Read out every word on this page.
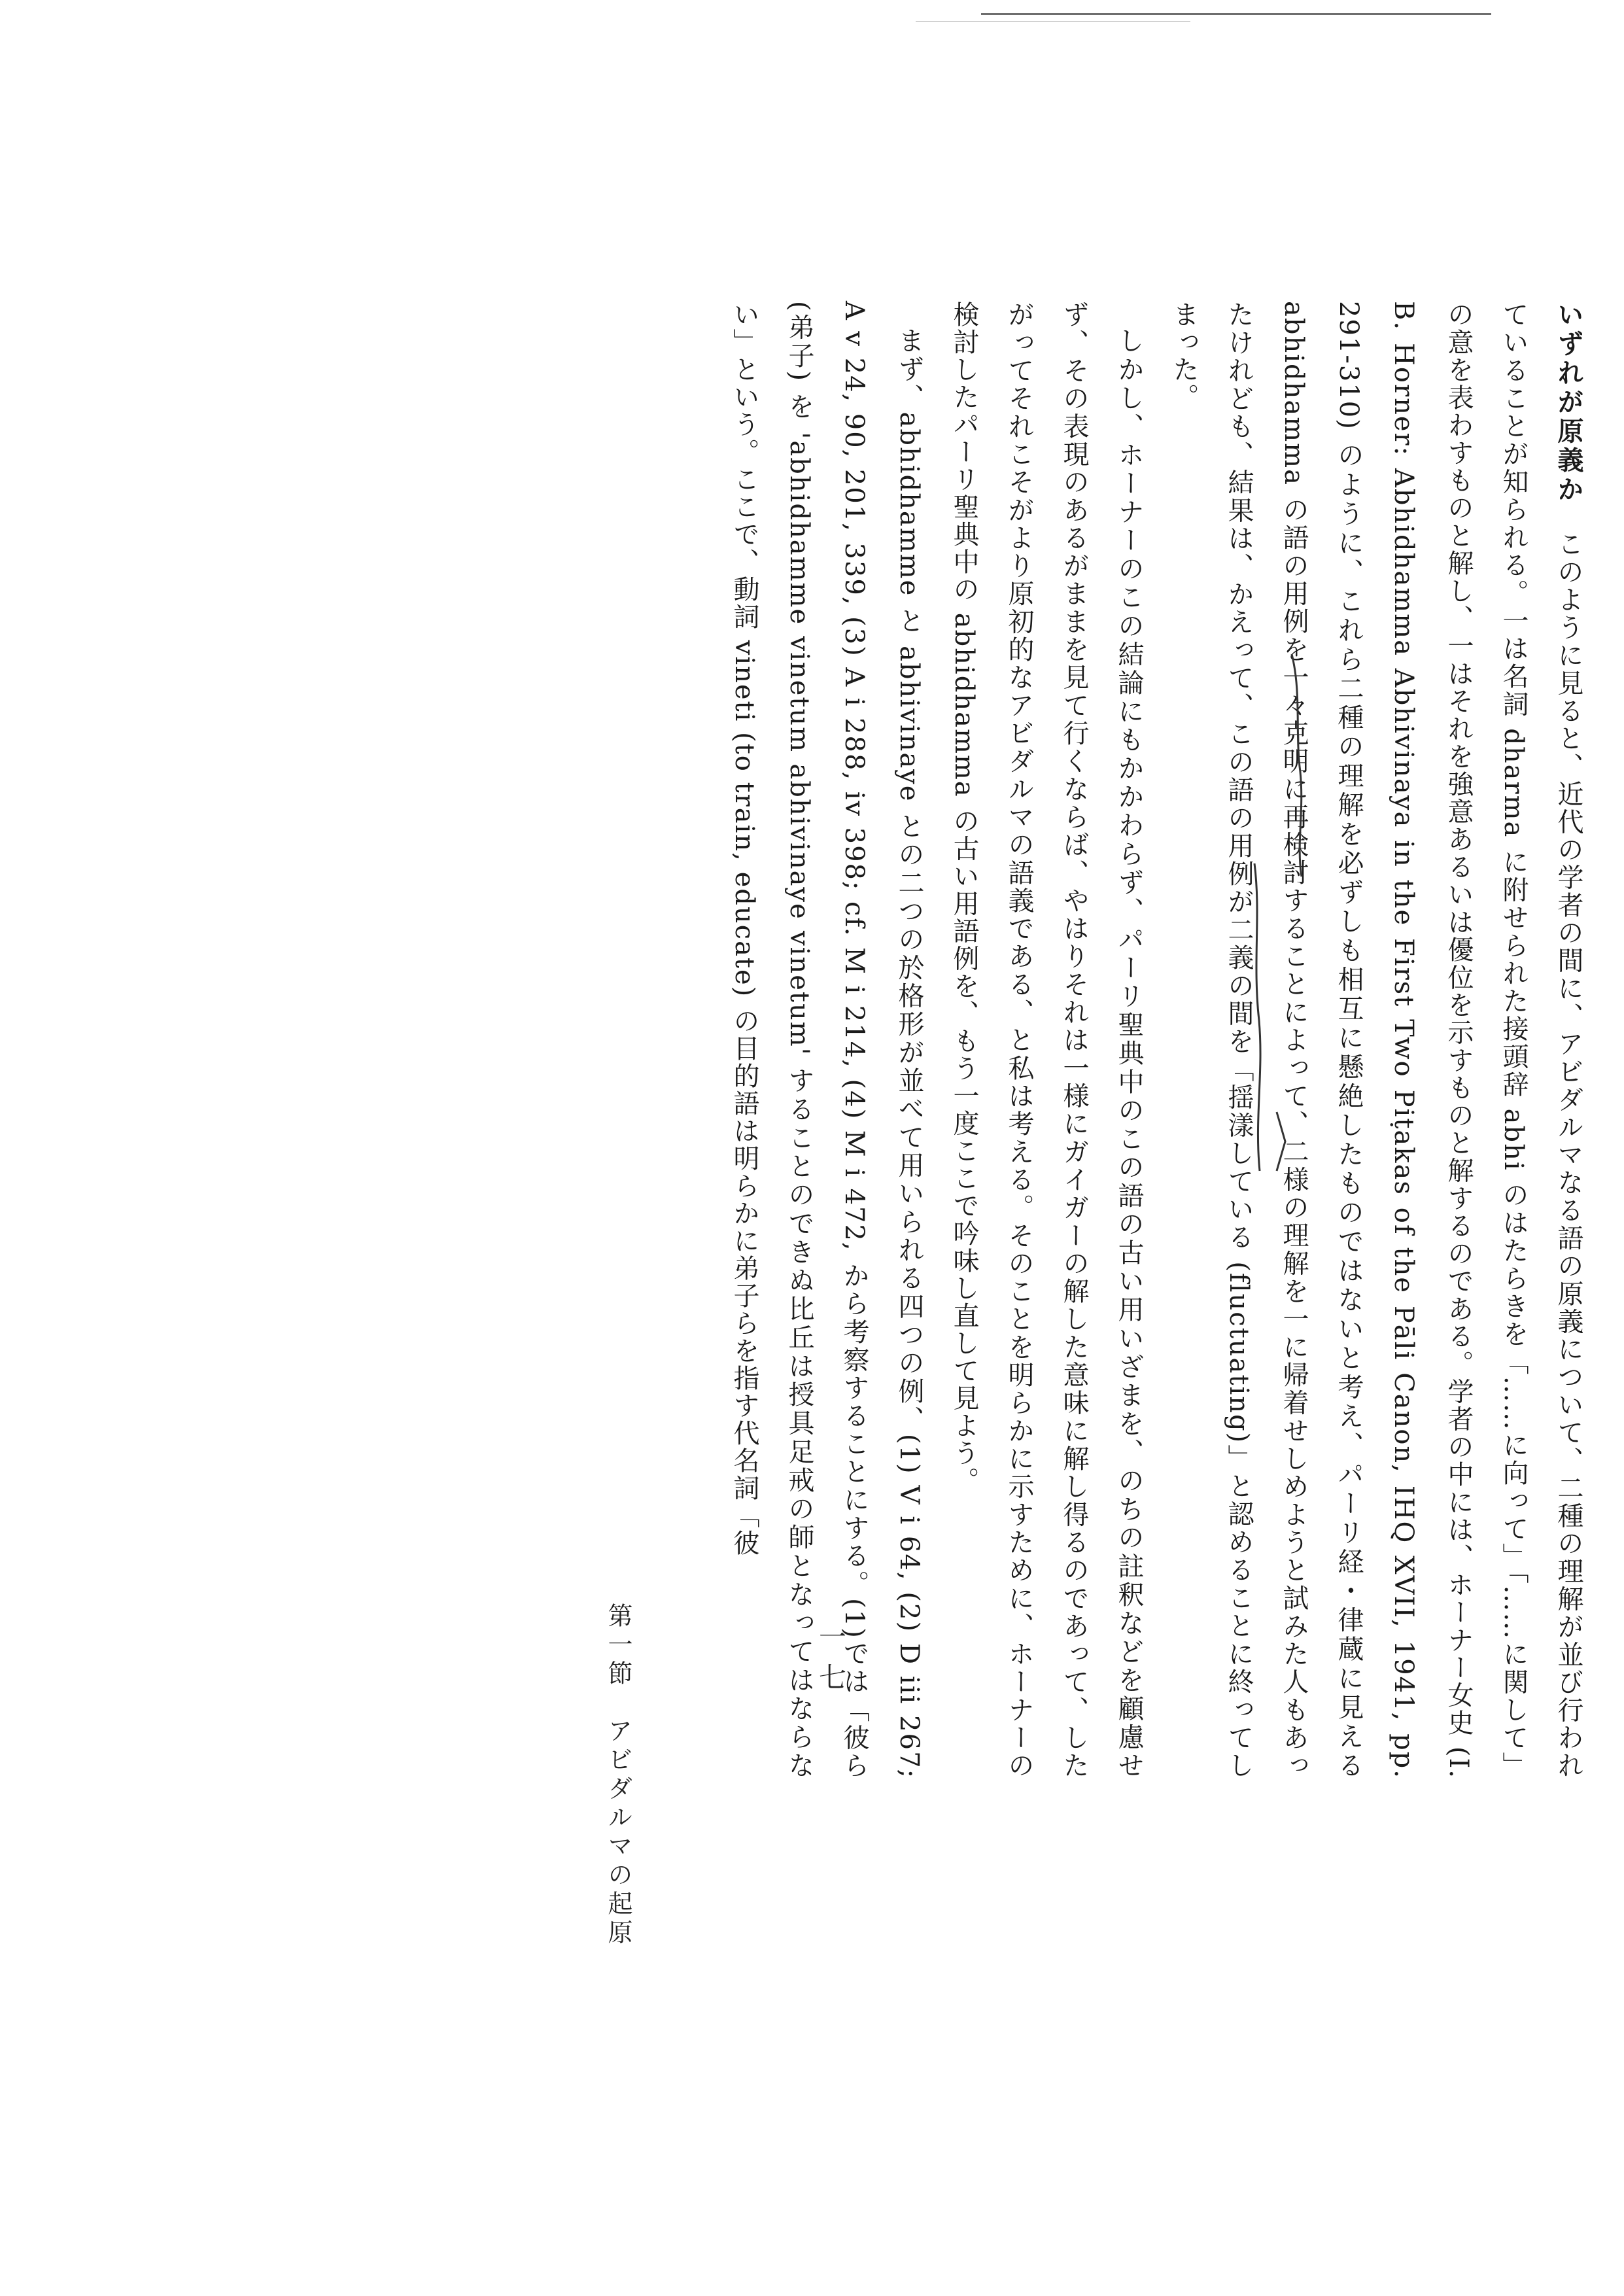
いずれが原義かこのように見ると、近代の学者の間に、アビダルマなる語の原義について、二種の理解が並び行われていることが知られる。一は名詞 dharma に附せられた接頭辞 abhi のはたらきを「……に向って」「……に関して」の意を表わすものと解し、一はそれを強意あるいは優位を示すものと解するのである。学者の中には、ホーナー女史 (I. B. Horner: Abhidhamma Abhivinaya in the First Two Piṭakas of the Pāli Canon, IHQ XVII, 1941, pp. 291-310) のように、これら二種の理解を必ずしも相互に懸絶したものではないと考え、パーリ経・律蔵に見える abhidhamma の語の用例を一々克明に再検討することによって、二様の理解を一に帰着せしめようと試みた人もあったけれども、結果は、かえって、この語の用例が二義の間を「揺漾している (fluctuating)」と認めることに終ってしまった。

しかし、ホーナーのこの結論にもかかわらず、パーリ聖典中のこの語の古い用いざまを、のちの註釈などを顧慮せず、その表現のあるがままを見て行くならば、やはりそれは一様にガイガーの解した意味に解し得るのであって、したがってそれこそがより原初的なアビダルマの語義である、と私は考える。そのことを明らかに示すために、ホーナーの検討したパーリ聖典中の abhidhamma の古い用語例を、もう一度ここで吟味し直して見よう。

まず、abhidhamme と abhivinaye との二つの於格形が並べて用いられる四つの例、(1) V i 64, (2) D iii 267; A v 24, 90, 201, 339, (3) A i 288, iv 398; cf. M i 214, (4) M i 472, から考察することにする。(1)では「彼ら (弟子) を 'abhidhamme vinetum abhivinaye vinetum' することのできぬ比丘は授具足戒の師となってはならない」という。ここで、動詞 vineti (to train, educate) の目的語は明らかに弟子らを指す代名詞「彼

第一節　アビダルマの起原	一七
